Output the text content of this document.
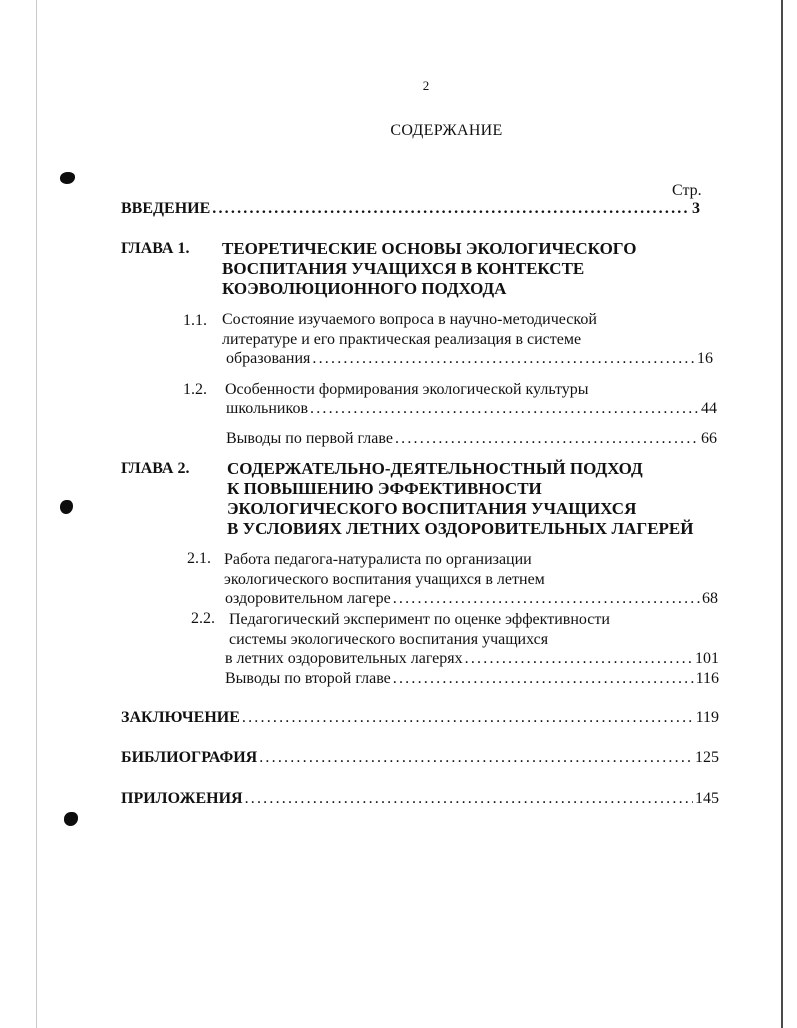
2
СОДЕРЖАНИЕ
Стр.
ВВЕДЕНИЕ . . .	3
ГЛАВА 1. ТЕОРЕТИЧЕСКИЕ ОСНОВЫ ЭКОЛОГИЧЕСКОГО
ВОСПИТАНИЯ УЧАЩИХСЯ В КОНТЕКСТЕ
КОЭВОЛЮЦИОННОГО ПОДХОДА
1.1. Состояние изучаемого вопроса в научно-методической
литературе и его практическая реализация в системе
образования . . .	16
1.2. Особенности формирования экологической культуры
школьников . . .	44
Выводы по первой главе . . .	66
ГЛАВА 2. СОДЕРЖАТЕЛЬНО-ДЕЯТЕЛЬНОСТНЫЙ ПОДХОД
К ПОВЫШЕНИЮ ЭФФЕКТИВНОСТИ
ЭКОЛОГИЧЕСКОГО ВОСПИТАНИЯ УЧАЩИХСЯ
В УСЛОВИЯХ ЛЕТНИХ ОЗДОРОВИТЕЛЬНЫХ ЛАГЕРЕЙ
2.1. Работа педагога-натуралиста по организации
экологического воспитания учащихся в летнем
оздоровительном лагере . . .	68
2.2. Педагогический эксперимент по оценке эффективности
системы экологического воспитания учащихся
в летних оздоровительных лагерях . . .	101
Выводы по второй главе . . .	116
ЗАКЛЮЧЕНИЕ . . .	119
БИБЛИОГРАФИЯ . . .	125
ПРИЛОЖЕНИЯ . . .	145
